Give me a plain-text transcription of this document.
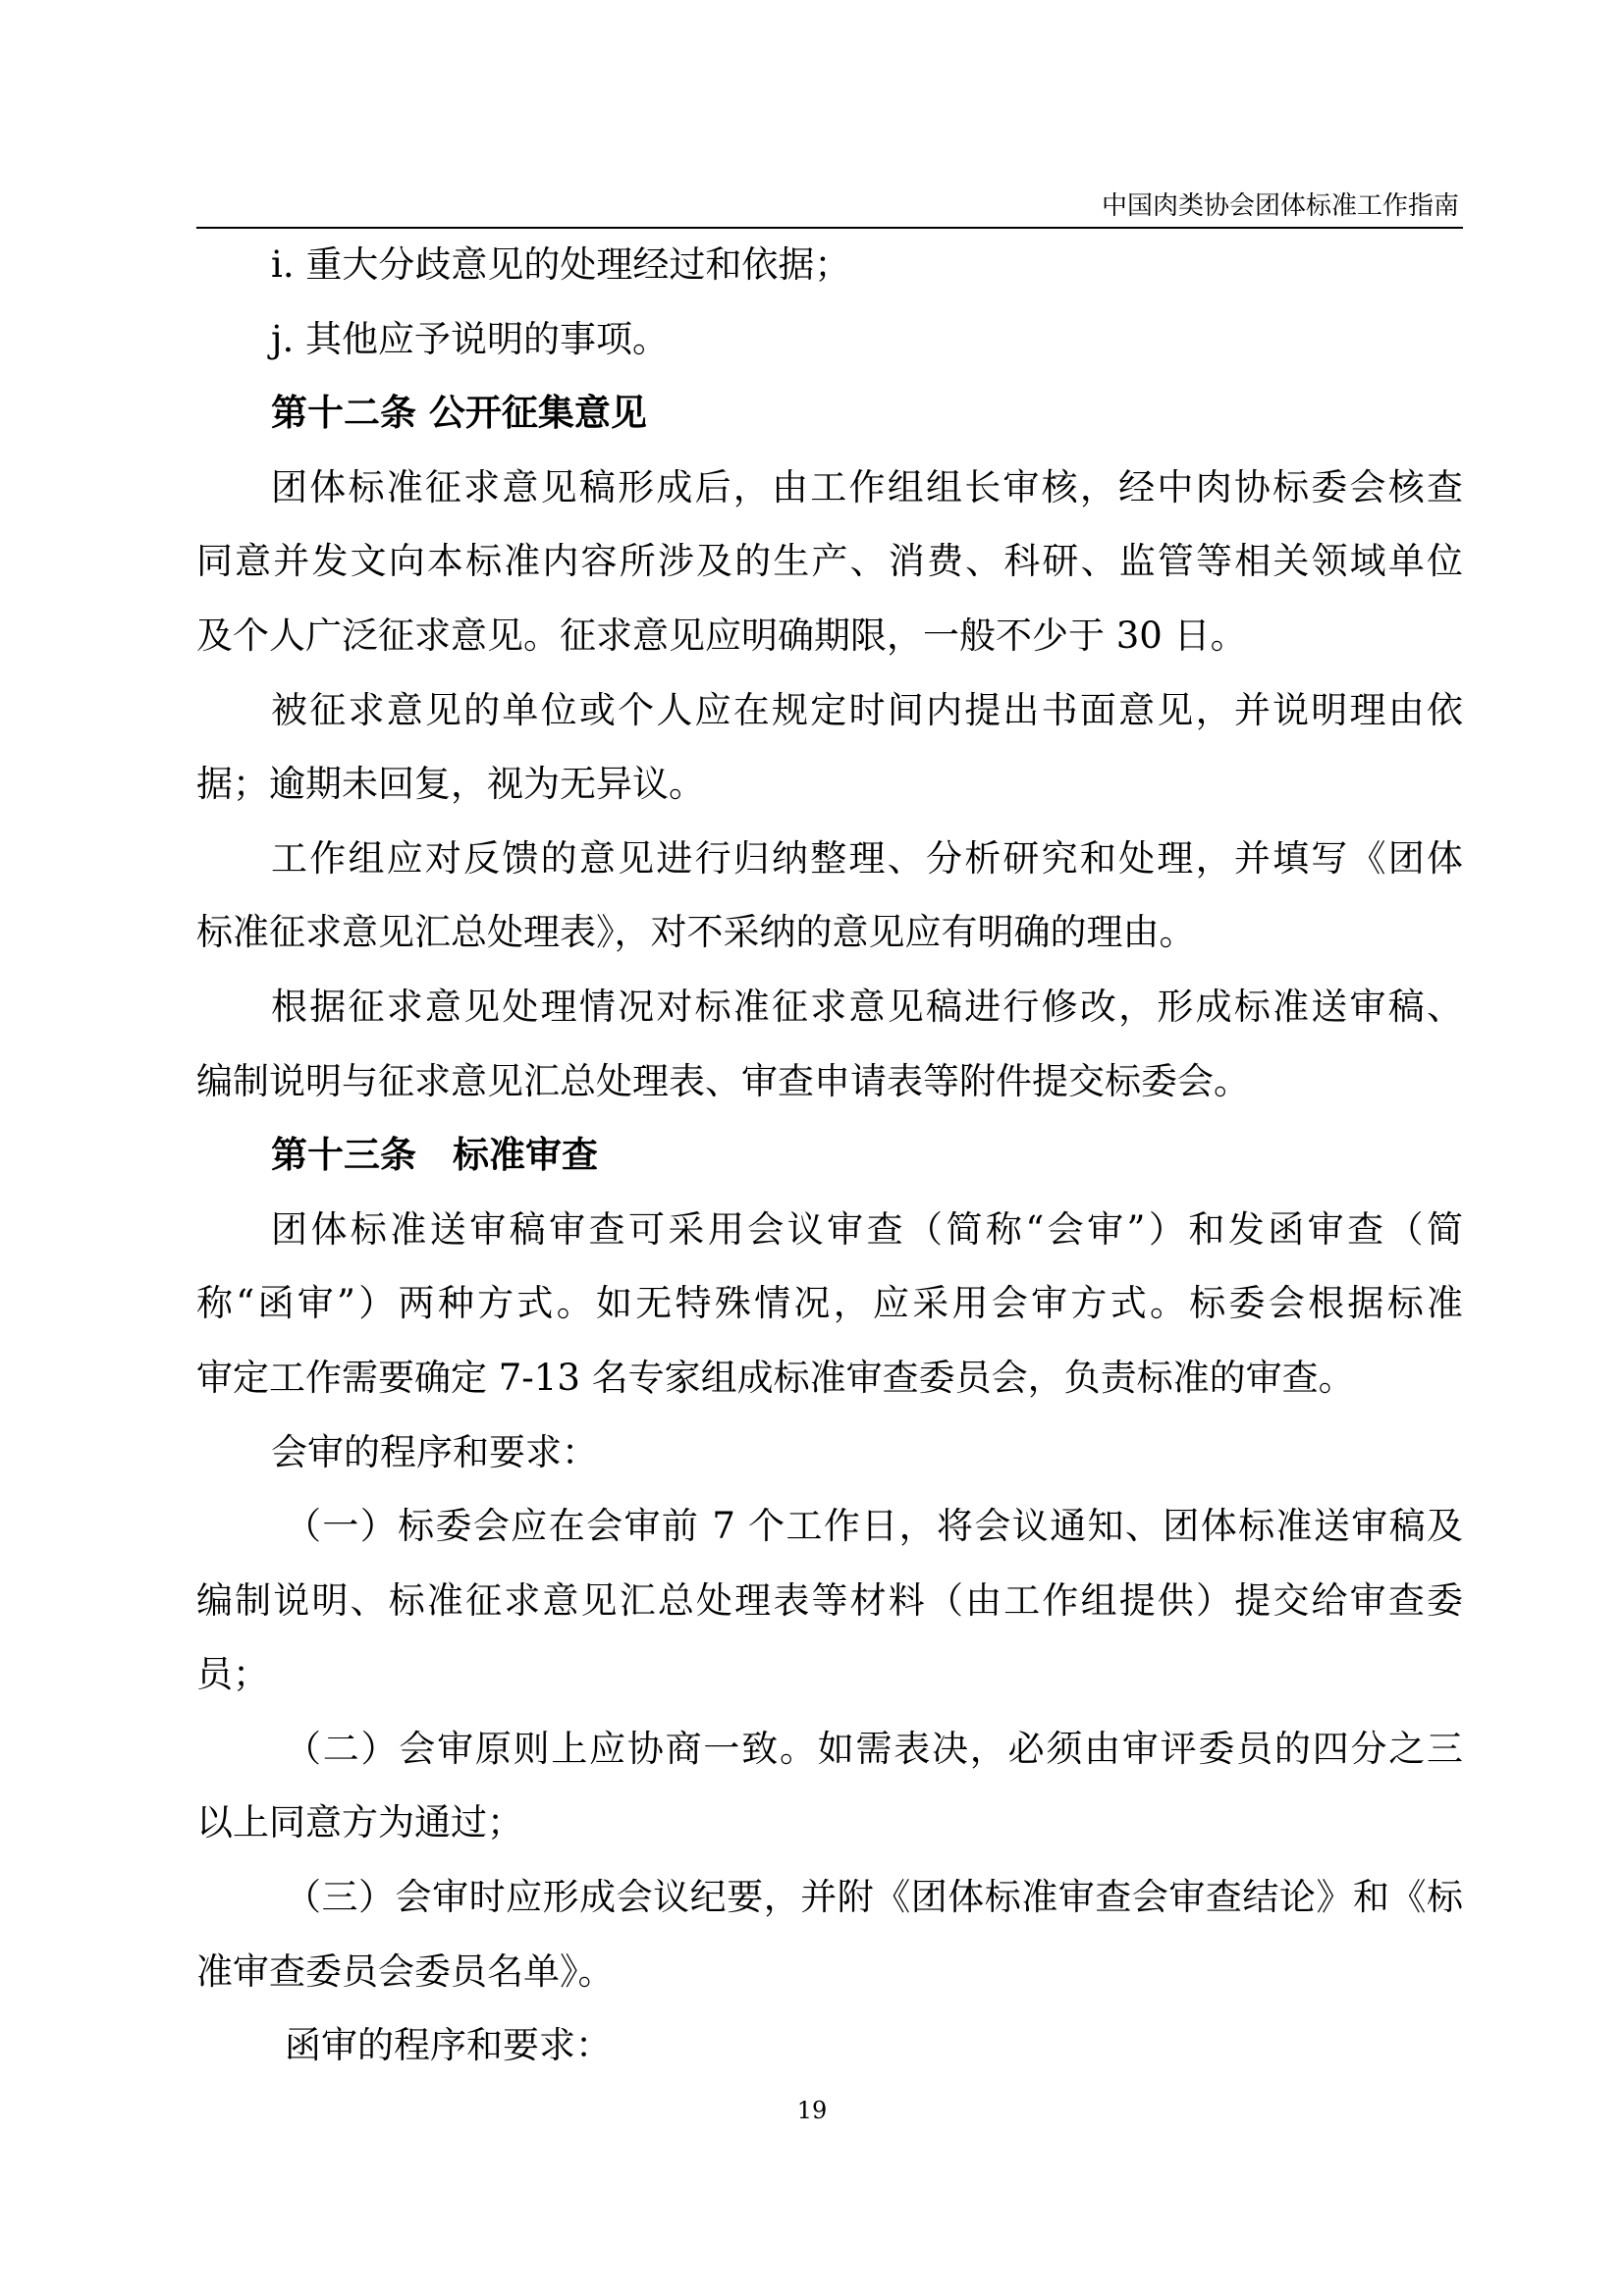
中国肉类协会团体标准工作指南
i. 重大分歧意见的处理经过和依据；
j. 其他应予说明的事项。
第十二条 公开征集意见
团体标准征求意见稿形成后，由工作组组长审核，经中肉协标委会核查
同意并发文向本标准内容所涉及的生产、消费、科研、监管等相关领域单位
及个人广泛征求意见。征求意见应明确期限，一般不少于 30 日。
被征求意见的单位或个人应在规定时间内提出书面意见，并说明理由依
据；逾期未回复，视为无异议。
工作组应对反馈的意见进行归纳整理、分析研究和处理，并填写《团体
标准征求意见汇总处理表》，对不采纳的意见应有明确的理由。
根据征求意见处理情况对标准征求意见稿进行修改，形成标准送审稿、
编制说明与征求意见汇总处理表、审查申请表等附件提交标委会。
第十三条　标准审查
团体标准送审稿审查可采用会议审查（简称“会审”）和发函审查（简
称“函审”）两种方式。如无特殊情况，应采用会审方式。标委会根据标准
审定工作需要确定 7-13 名专家组成标准审查委员会，负责标准的审查。
会审的程序和要求：
（一）标委会应在会审前 7 个工作日，将会议通知、团体标准送审稿及
编制说明、标准征求意见汇总处理表等材料（由工作组提供）提交给审查委
员；
（二）会审原则上应协商一致。如需表决，必须由审评委员的四分之三
以上同意方为通过；
（三）会审时应形成会议纪要，并附《团体标准审查会审查结论》和《标
准审查委员会委员名单》。
函审的程序和要求：
19
